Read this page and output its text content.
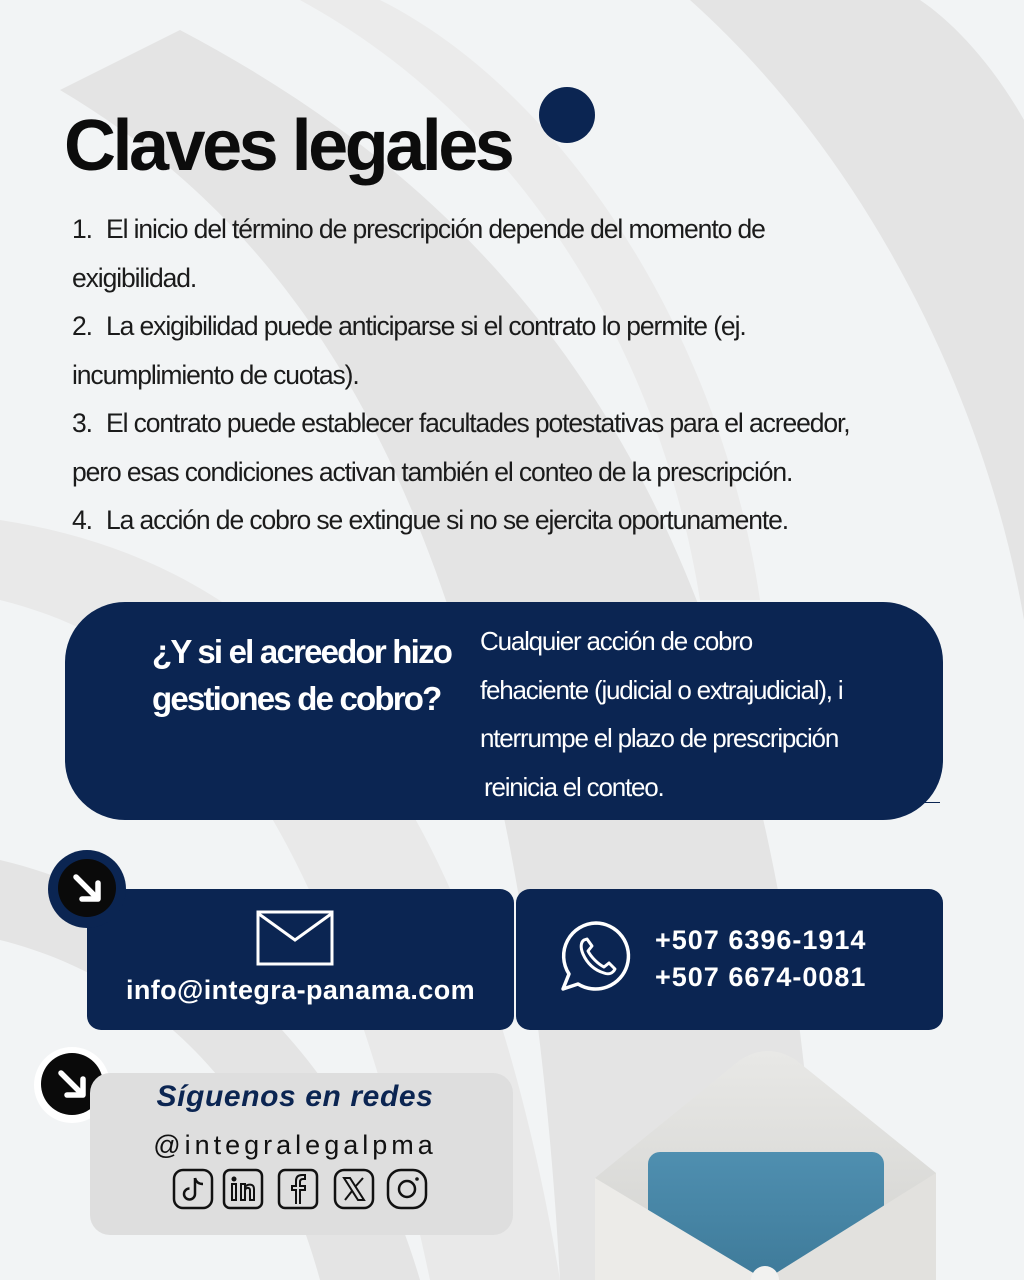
Claves legales
1. El inicio del término de prescripción depende del momento de
exigibilidad.
2. La exigibilidad puede anticiparse si el contrato lo permite (ej.
incumplimiento de cuotas).
3. El contrato puede establecer facultades potestativas para el acreedor,
pero esas condiciones activan también el conteo de la prescripción.
4. La acción de cobro se extingue si no se ejercita oportunamente.
¿Y si el acreedor hizo
gestiones de cobro?
Cualquier acción de cobro
fehaciente (judicial o extrajudicial), i
nterrumpe el plazo de prescripción
reinicia el conteo.
info@integra-panama.com
+507 6396-1914
+507 6674-0081
Síguenos en redes
@integralegalpma
